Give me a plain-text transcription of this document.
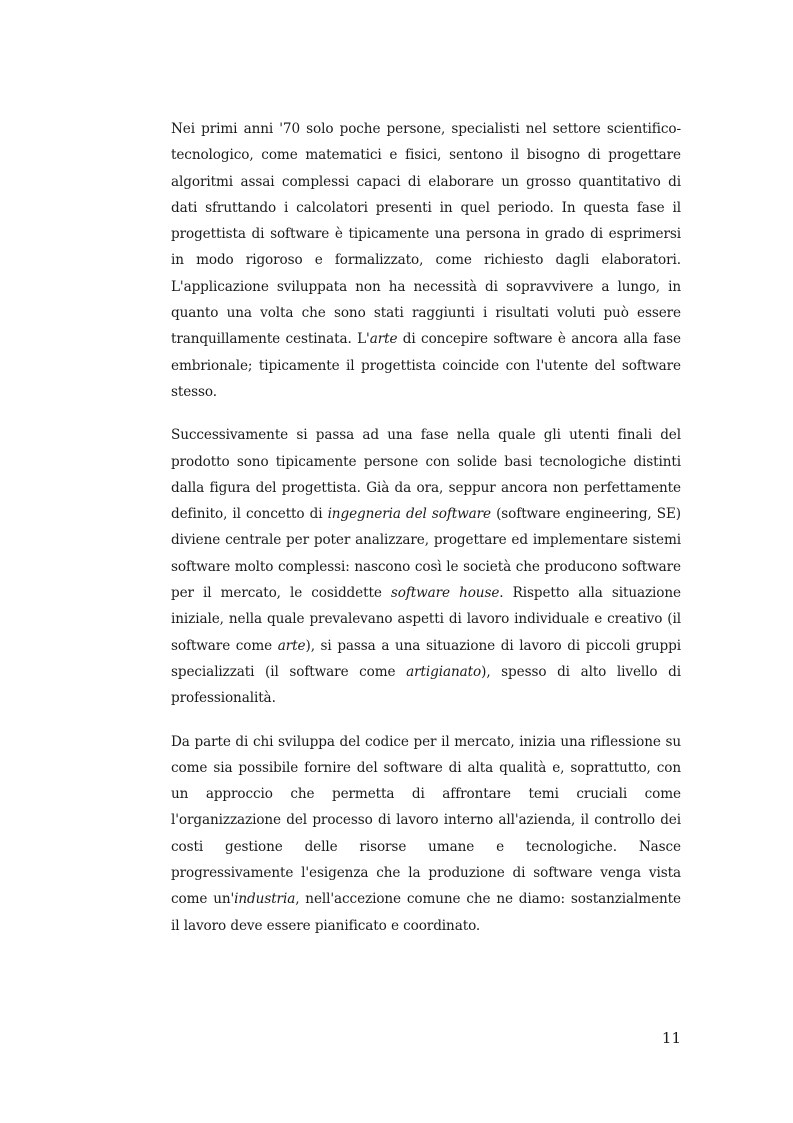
Nei primi anni '70 solo poche persone, specialisti nel settore scientifico-tecnologico, come matematici e fisici, sentono il bisogno di progettare algoritmi assai complessi capaci di elaborare un grosso quantitativo di dati sfruttando i calcolatori presenti in quel periodo. In questa fase il progettista di software è tipicamente una persona in grado di esprimersi in modo rigoroso e formalizzato, come richiesto dagli elaboratori. L'applicazione sviluppata non ha necessità di sopravvivere a lungo, in quanto una volta che sono stati raggiunti i risultati voluti può essere tranquillamente cestinata. L'arte di concepire software è ancora alla fase embrionale; tipicamente il progettista coincide con l'utente del software stesso.

Successivamente si passa ad una fase nella quale gli utenti finali del prodotto sono tipicamente persone con solide basi tecnologiche distinti dalla figura del progettista. Già da ora, seppur ancora non perfettamente definito, il concetto di ingegneria del software (software engineering, SE) diviene centrale per poter analizzare, progettare ed implementare sistemi software molto complessi: nascono così le società che producono software per il mercato, le cosiddette software house. Rispetto alla situazione iniziale, nella quale prevalevano aspetti di lavoro individuale e creativo (il software come arte), si passa a una situazione di lavoro di piccoli gruppi specializzati (il software come artigianato), spesso di alto livello di professionalità.

Da parte di chi sviluppa del codice per il mercato, inizia una riflessione su come sia possibile fornire del software di alta qualità e, soprattutto, con un approccio che permetta di affrontare temi cruciali come l'organizzazione del processo di lavoro interno all'azienda, il controllo dei costi gestione delle risorse umane e tecnologiche. Nasce progressivamente l'esigenza che la produzione di software venga vista come un'industria, nell'accezione comune che ne diamo: sostanzialmente il lavoro deve essere pianificato e coordinato.

11
